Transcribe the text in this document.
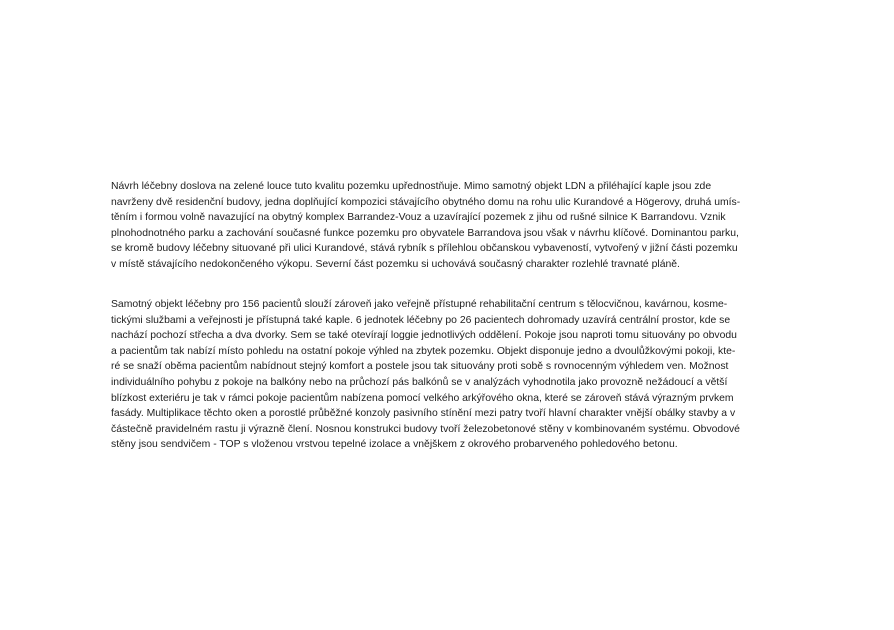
Návrh léčebny doslova na zelené louce tuto kvalitu pozemku upřednostňuje. Mimo samotný objekt LDN a přiléhající kaple jsou zde
navrženy dvě residenční budovy, jedna doplňující kompozici stávajícího obytného domu na rohu ulic Kurandové a Högerovy, druhá umís-
těním i formou volně navazující na obytný komplex Barrandez-Vouz a uzavírající pozemek z jihu od rušné silnice K Barrandovu. Vznik
plnohodnotného parku a zachování současné funkce pozemku pro obyvatele Barrandova jsou však v návrhu klíčové. Dominantou parku,
se kromě budovy léčebny situované při ulici Kurandové, stává rybník s přílehlou občanskou vybaveností, vytvořený v jižní části pozemku
v místě stávajícího nedokončeného výkopu. Severní část pozemku si uchovává současný charakter rozlehlé travnaté pláně.
Samotný objekt léčebny pro 156 pacientů slouží zároveň jako veřejně přístupné rehabilitační centrum s tělocvičnou, kavárnou, kosme-
tickými službami a veřejnosti je přístupná také kaple. 6 jednotek léčebny po 26 pacientech dohromady uzavírá centrální prostor, kde se
nachází pochozí střecha a dva dvorky. Sem se také otevírají loggie jednotlivých oddělení. Pokoje jsou naproti tomu situovány po obvodu
a pacientům tak nabízí místo pohledu na ostatní pokoje výhled na zbytek pozemku. Objekt disponuje jedno a dvoulůžkovými pokoji, kte-
ré se snaží oběma pacientům nabídnout stejný komfort a postele jsou tak situovány proti sobě s rovnocenným výhledem ven. Možnost
individuálního pohybu z pokoje na balkóny nebo na průchozí pás balkónů se v analýzách vyhodnotila jako provozně nežádoucí a větší
blízkost exteriéru je tak v rámci pokoje pacientům nabízena pomocí velkého arkýřového okna, které se zároveň stává výrazným prvkem
fasády. Multiplikace těchto oken a porostlé průběžné konzoly pasivního stínění mezi patry tvoří hlavní charakter vnější obálky stavby a v
částečně pravidelném rastu ji výrazně člení. Nosnou konstrukci budovy tvoří železobetonové stěny v kombinovaném systému. Obvodové
stěny jsou sendvičem - TOP s vloženou vrstvou tepelné izolace a vnějškem z okrového probarveného pohledového betonu.
